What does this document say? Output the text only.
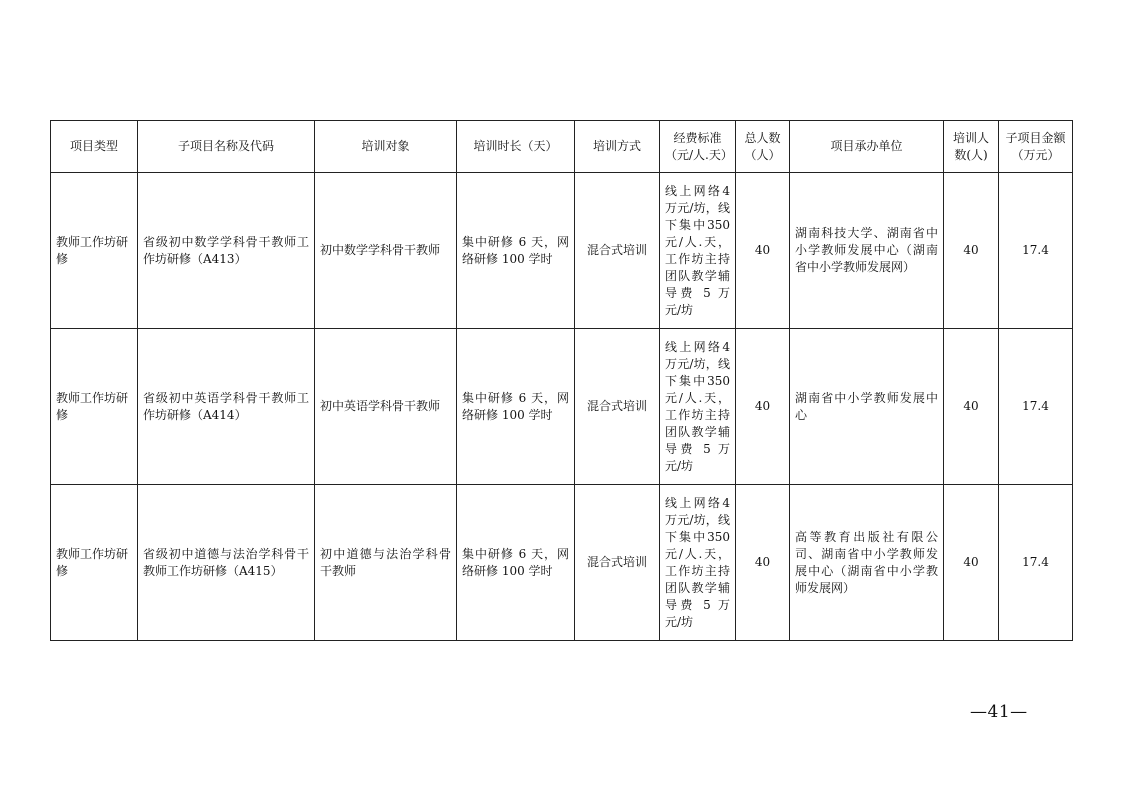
项目类型	子项目名称及代码	培训对象	培训时长（天）	培训方式	经费标准（元/人.天）	总人数（人）	项目承办单位	培训人数(人)	子项目金额（万元）
教师工作坊研修	省级初中数学学科骨干教师工作坊研修（A413）	初中数学学科骨干教师	集中研修 6 天，网络研修 100 学时	混合式培训	线上网络4万元/坊，线下集中350元/人.天，工作坊主持团队教学辅导费 5 万元/坊	40	湖南科技大学、湖南省中小学教师发展中心（湖南省中小学教师发展网）	40	17.4
教师工作坊研修	省级初中英语学科骨干教师工作坊研修（A414）	初中英语学科骨干教师	集中研修 6 天，网络研修 100 学时	混合式培训	线上网络4万元/坊，线下集中350元/人.天，工作坊主持团队教学辅导费 5 万元/坊	40	湖南省中小学教师发展中心	40	17.4
教师工作坊研修	省级初中道德与法治学科骨干教师工作坊研修（A415）	初中道德与法治学科骨干教师	集中研修 6 天，网络研修 100 学时	混合式培训	线上网络4万元/坊，线下集中350元/人.天，工作坊主持团队教学辅导费 5 万元/坊	40	高等教育出版社有限公司、湖南省中小学教师发展中心（湖南省中小学教师发展网）	40	17.4
—41—
